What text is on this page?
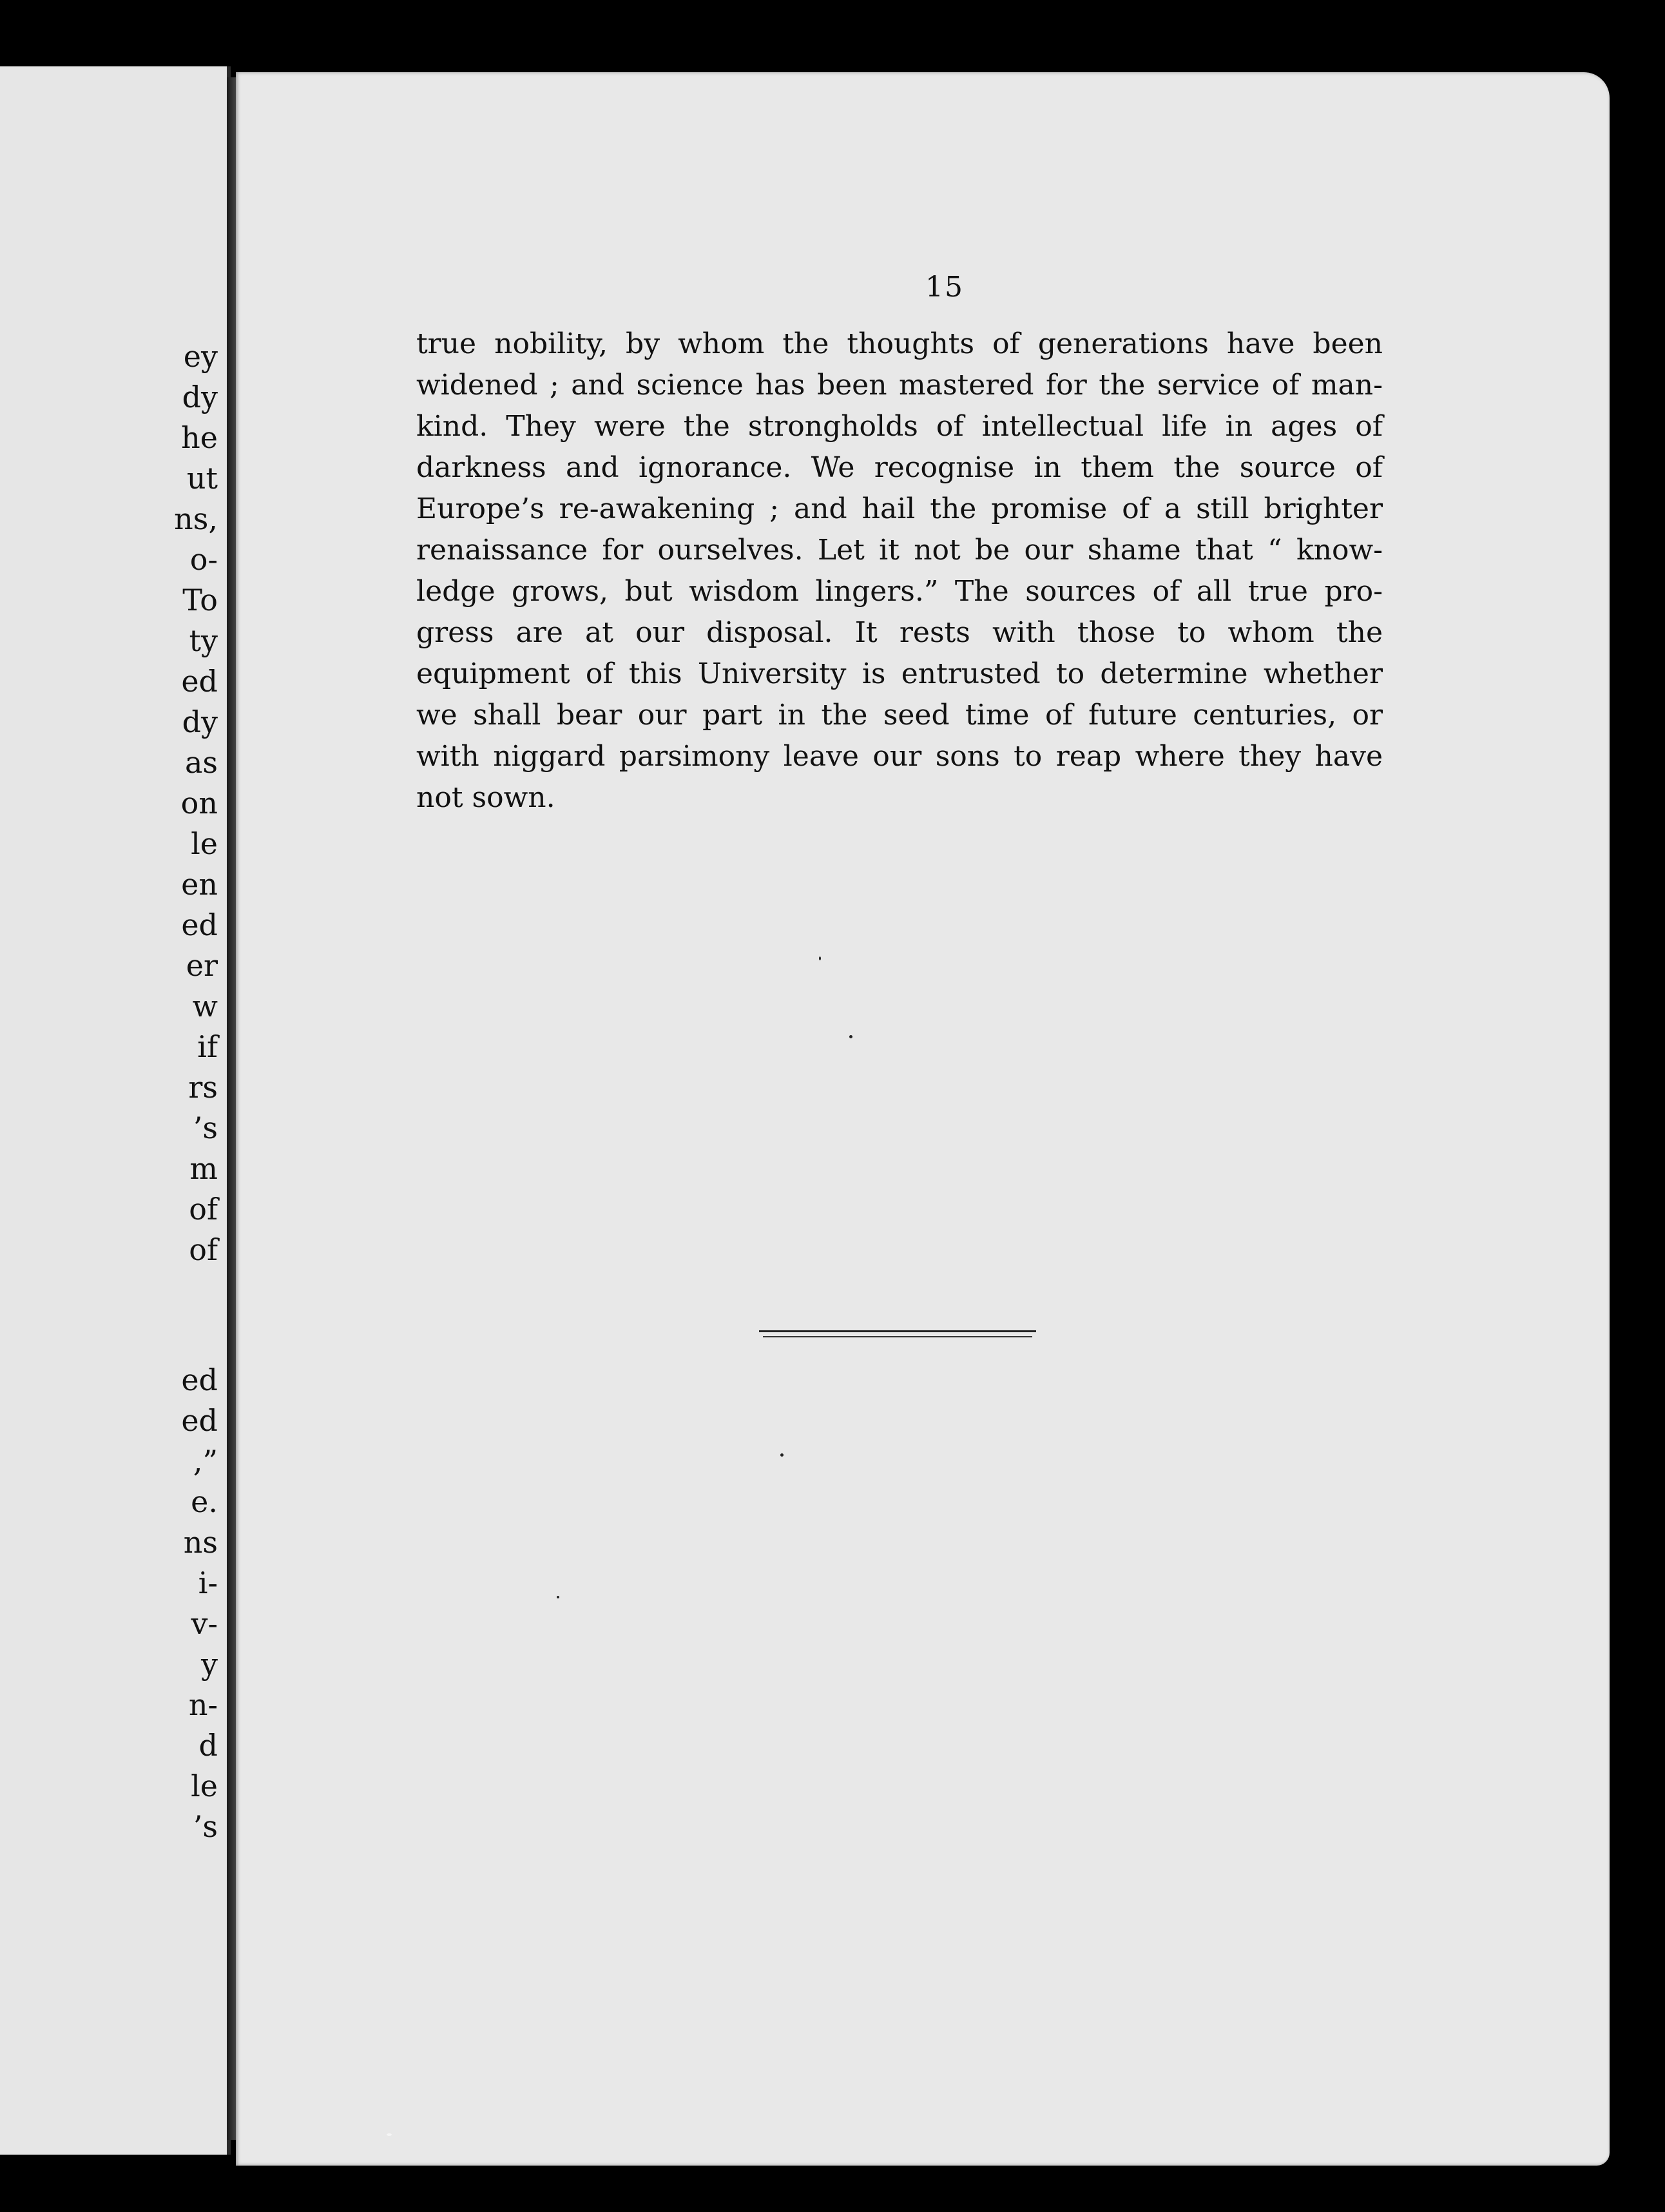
ey
dy
he
ut
ns,
o-
To
ty
ed
dy
as
on
le
en
ed
er
w
if
rs
’s
m
of
of
ed
ed
,”
e.
ns
i-
v-
y
n-
d
le
’s
15

true nobility, by whom the thoughts of generations have been
widened ; and science has been mastered for the service of man-
kind. They were the strongholds of intellectual life in ages of
darkness and ignorance. We recognise in them the source of
Europe’s re-awakening ; and hail the promise of a still brighter
renaissance for ourselves. Let it not be our shame that “ know-
ledge grows, but wisdom lingers.” The sources of all true pro-
gress are at our disposal. It rests with those to whom the
equipment of this University is entrusted to determine whether
we shall bear our part in the seed time of future centuries, or
with niggard parsimony leave our sons to reap where they have
not sown.
